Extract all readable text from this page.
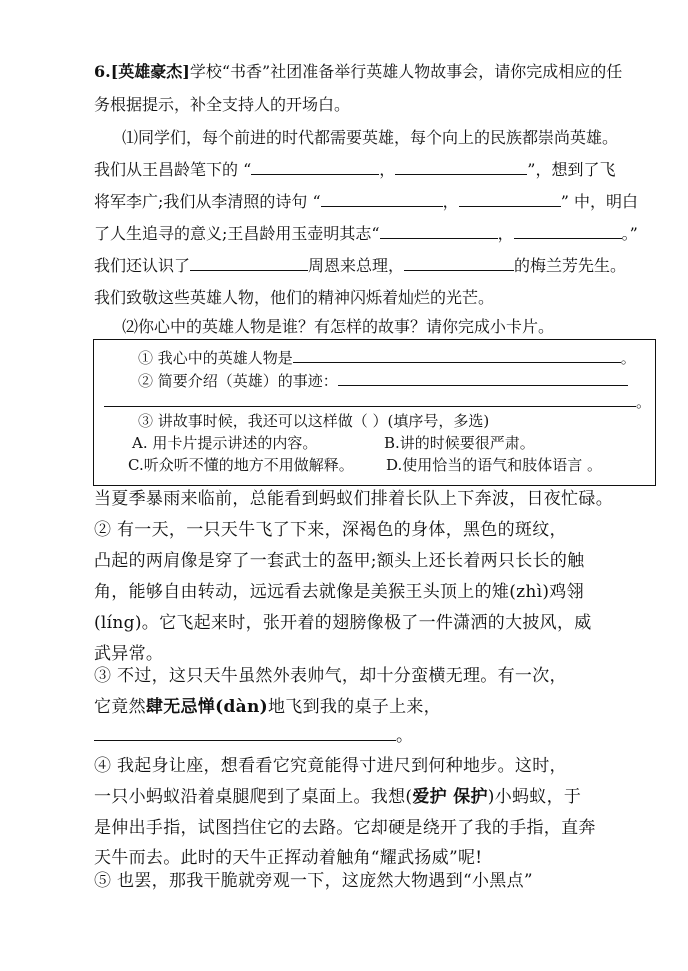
6.[英雄豪杰]学校“书香”社团准备举行英雄人物故事会，请你完成相应的任
务根据提示，补全支持人的开场白。
⑴同学们，每个前进的时代都需要英雄，每个向上的民族都崇尚英雄。
我们从王昌龄笔下的 “	，	”，想到了飞
将军李广;我们从李清照的诗句 “	，	” 中，明白
了人生追寻的意义;王昌龄用玉壶明其志“	，	。”
我们还认识了	周恩来总理，	的梅兰芳先生。
我们致敬这些英雄人物，他们的精神闪烁着灿烂的光芒。
⑵你心中的英雄人物是谁？有怎样的故事？请你完成小卡片。
① 我心中的英雄人物是	。
② 简要介绍（英雄）的事迹：
。
③ 讲故事时候，我还可以这样做（ ）(填序号，多选)
A. 用卡片提示讲述的内容。	B.讲的时候要很严肃。
C.听众听不懂的地方不用做解释。 D.使用恰当的语气和肢体语言 。
当夏季暴雨来临前，总能看到蚂蚁们排着长队上下奔波，日夜忙碌。
② 有一天，一只天牛飞了下来，深褐色的身体，黑色的斑纹，
凸起的两肩像是穿了一套武士的盔甲;额头上还长着两只长长的触
角，能够自由转动，远远看去就像是美猴王头顶上的雉(zhì)鸡翎
(líng)。它飞起来时，张开着的翅膀像极了一件潇洒的大披风，威
武异常。
③ 不过，这只天牛虽然外表帅气，却十分蛮横无理。有一次，
它竟然肆无忌惮(dàn)地飞到我的桌子上来，
。
④ 我起身让座，想看看它究竟能得寸进尺到何种地步。这时，
一只小蚂蚁沿着桌腿爬到了桌面上。我想(爱护 保护)小蚂蚁，于
是伸出手指，试图挡住它的去路。它却硬是绕开了我的手指，直奔
天牛而去。此时的天牛正挥动着触角“耀武扬威”呢!
⑤ 也罢，那我干脆就旁观一下，这庞然大物遇到“小黑点”
